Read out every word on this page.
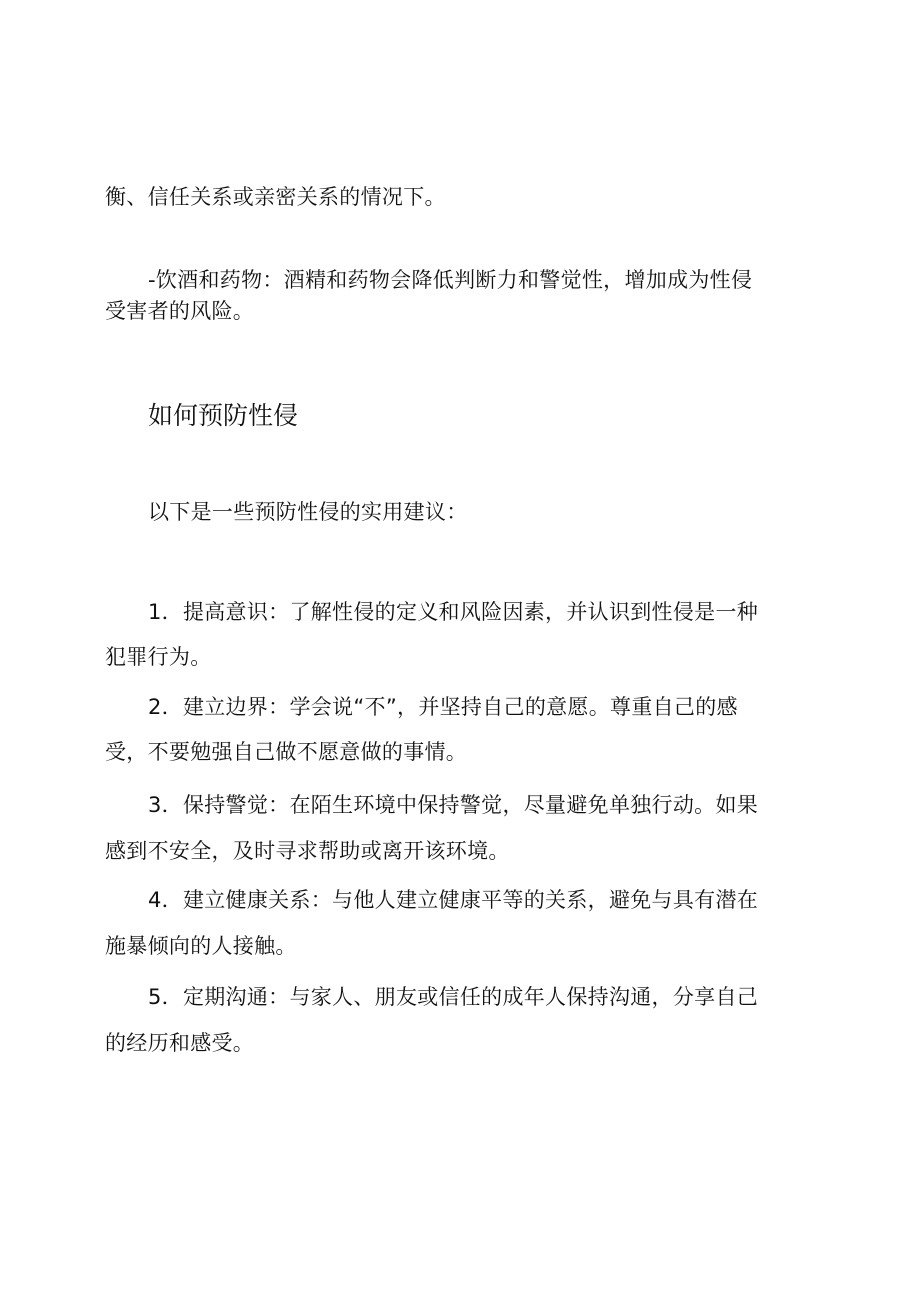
衡、信任关系或亲密关系的情况下。
-饮酒和药物：酒精和药物会降低判断力和警觉性，增加成为性侵
受害者的风险。
如何预防性侵
以下是一些预防性侵的实用建议：
1．提高意识：了解性侵的定义和风险因素，并认识到性侵是一种
犯罪行为。
2．建立边界：学会说“不”，并坚持自己的意愿。尊重自己的感
受，不要勉强自己做不愿意做的事情。
3．保持警觉：在陌生环境中保持警觉，尽量避免单独行动。如果
感到不安全，及时寻求帮助或离开该环境。
4．建立健康关系：与他人建立健康平等的关系，避免与具有潜在
施暴倾向的人接触。
5．定期沟通：与家人、朋友或信任的成年人保持沟通，分享自己
的经历和感受。
